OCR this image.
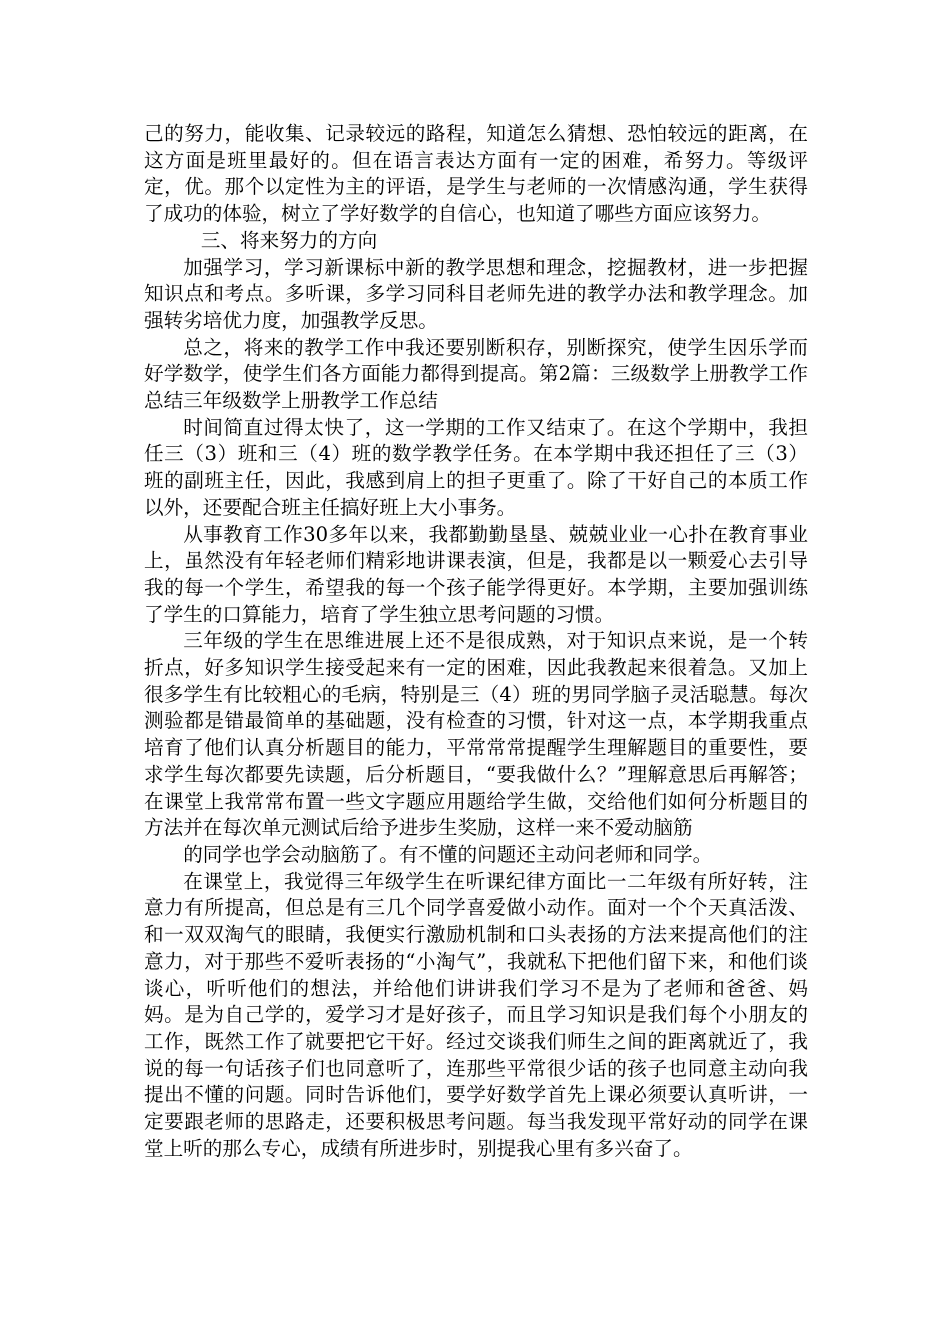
己的努力，能收集、记录较远的路程，知道怎么猜想、恐怕较远的距离，在这方面是班里最好的。但在语言表达方面有一定的困难，希努力。等级评定，优。那个以定性为主的评语，是学生与老师的一次情感沟通，学生获得了成功的体验，树立了学好数学的自信心，也知道了哪些方面应该努力。

三、将来努力的方向

加强学习，学习新课标中新的教学思想和理念，挖掘教材，进一步把握知识点和考点。多听课，多学习同科目老师先进的教学办法和教学理念。加强转劣培优力度，加强教学反思。

总之，将来的教学工作中我还要别断积存，别断探究，使学生因乐学而好学数学，使学生们各方面能力都得到提高。第2篇：三级数学上册教学工作总结三年级数学上册教学工作总结

时间简直过得太快了，这一学期的工作又结束了。在这个学期中，我担任三（3）班和三（4）班的数学教学任务。在本学期中我还担任了三（3）班的副班主任，因此，我感到肩上的担子更重了。除了干好自己的本质工作以外，还要配合班主任搞好班上大小事务。

从事教育工作30多年以来，我都勤勤垦垦、兢兢业业一心扑在教育事业上，虽然没有年轻老师们精彩地讲课表演，但是，我都是以一颗爱心去引导我的每一个学生，希望我的每一个孩子能学得更好。本学期，主要加强训练了学生的口算能力，培育了学生独立思考问题的习惯。

三年级的学生在思维进展上还不是很成熟，对于知识点来说，是一个转折点，好多知识学生接受起来有一定的困难，因此我教起来很着急。又加上很多学生有比较粗心的毛病，特别是三（4）班的男同学脑子灵活聪慧。每次测验都是错最简单的基础题，没有检查的习惯，针对这一点，本学期我重点培育了他们认真分析题目的能力，平常常常提醒学生理解题目的重要性，要求学生每次都要先读题，后分析题目，“要我做什么？”理解意思后再解答；在课堂上我常常布置一些文字题应用题给学生做，交给他们如何分析题目的方法并在每次单元测试后给予进步生奖励，这样一来不爱动脑筋

的同学也学会动脑筋了。有不懂的问题还主动问老师和同学。

在课堂上，我觉得三年级学生在听课纪律方面比一二年级有所好转，注意力有所提高，但总是有三几个同学喜爱做小动作。面对一个个天真活泼、和一双双淘气的眼睛，我便实行激励机制和口头表扬的方法来提高他们的注意力，对于那些不爱听表扬的“小淘气”，我就私下把他们留下来，和他们谈谈心，听听他们的想法，并给他们讲讲我们学习不是为了老师和爸爸、妈妈。是为自己学的，爱学习才是好孩子，而且学习知识是我们每个小朋友的工作，既然工作了就要把它干好。经过交谈我们师生之间的距离就近了，我说的每一句话孩子们也同意听了，连那些平常很少话的孩子也同意主动向我提出不懂的问题。同时告诉他们，要学好数学首先上课必须要认真听讲，一定要跟老师的思路走，还要积极思考问题。每当我发现平常好动的同学在课堂上听的那么专心，成绩有所进步时，别提我心里有多兴奋了。
